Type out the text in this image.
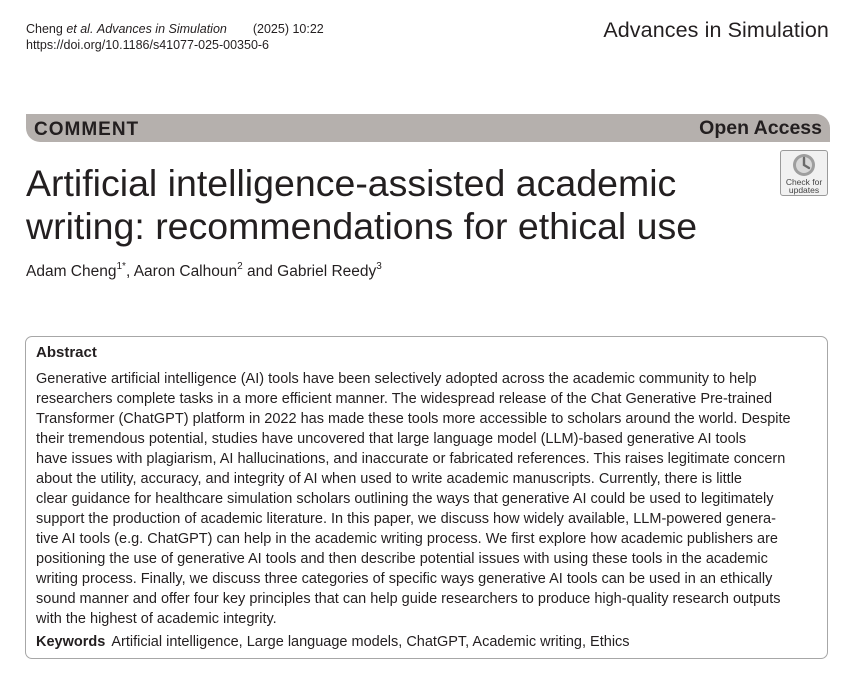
Cheng et al. Advances in Simulation (2025) 10:22
https://doi.org/10.1186/s41077-025-00350-6
Advances in Simulation
COMMENT	Open Access
Check for
updates
Artificial intelligence-assisted academic
writing: recommendations for ethical use
Adam Cheng$^{1*}$, Aaron Calhoun$^2$ and Gabriel Reedy$^3$
Abstract
Generative artificial intelligence (AI) tools have been selectively adopted across the academic community to help
researchers complete tasks in a more efficient manner. The widespread release of the Chat Generative Pre-trained
Transformer (ChatGPT) platform in 2022 has made these tools more accessible to scholars around the world. Despite
their tremendous potential, studies have uncovered that large language model (LLM)-based generative AI tools
have issues with plagiarism, AI hallucinations, and inaccurate or fabricated references. This raises legitimate concern
about the utility, accuracy, and integrity of AI when used to write academic manuscripts. Currently, there is little
clear guidance for healthcare simulation scholars outlining the ways that generative AI could be used to legitimately
support the production of academic literature. In this paper, we discuss how widely available, LLM-powered genera-
tive AI tools (e.g. ChatGPT) can help in the academic writing process. We first explore how academic publishers are
positioning the use of generative AI tools and then describe potential issues with using these tools in the academic
writing process. Finally, we discuss three categories of specific ways generative AI tools can be used in an ethically
sound manner and offer four key principles that can help guide researchers to produce high-quality research outputs
with the highest of academic integrity.
Keywords Artificial intelligence, Large language models, ChatGPT, Academic writing, Ethics
